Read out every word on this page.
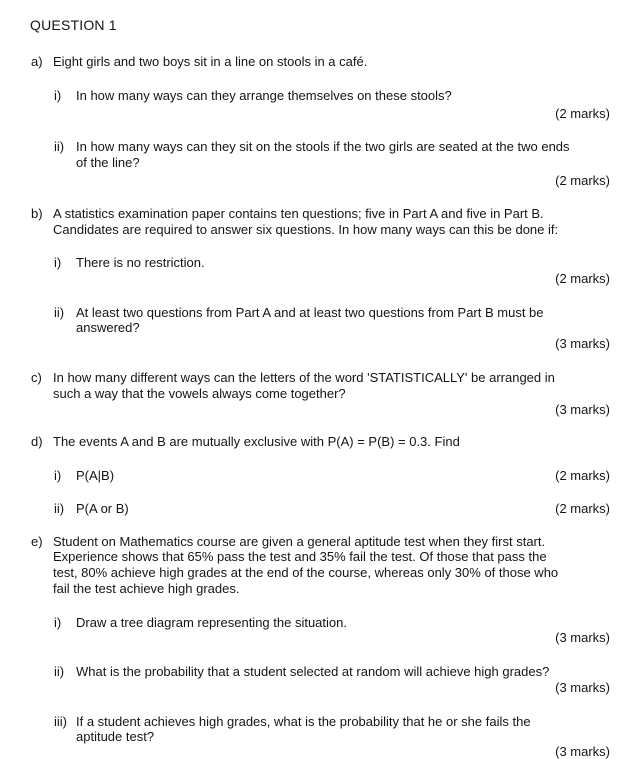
QUESTION 1
a) Eight girls and two boys sit in a line on stools in a café.
i) In how many ways can they arrange themselves on these stools?
(2 marks)
ii) In how many ways can they sit on the stools if the two girls are seated at the two ends
of the line?
(2 marks)
b) A statistics examination paper contains ten questions; five in Part A and five in Part B.
Candidates are required to answer six questions. In how many ways can this be done if:
i) There is no restriction.
(2 marks)
ii) At least two questions from Part A and at least two questions from Part B must be
answered?
(3 marks)
c) In how many different ways can the letters of the word 'STATISTICALLY' be arranged in
such a way that the vowels always come together?
(3 marks)
d) The events A and B are mutually exclusive with P(A) = P(B) = 0.3. Find
i) P(A|B)	(2 marks)
ii) P(A or B)	(2 marks)
e) Student on Mathematics course are given a general aptitude test when they first start.
Experience shows that 65% pass the test and 35% fail the test. Of those that pass the
test, 80% achieve high grades at the end of the course, whereas only 30% of those who
fail the test achieve high grades.
i) Draw a tree diagram representing the situation.
(3 marks)
ii) What is the probability that a student selected at random will achieve high grades?
(3 marks)
iii) If a student achieves high grades, what is the probability that he or she fails the
aptitude test?
(3 marks)
